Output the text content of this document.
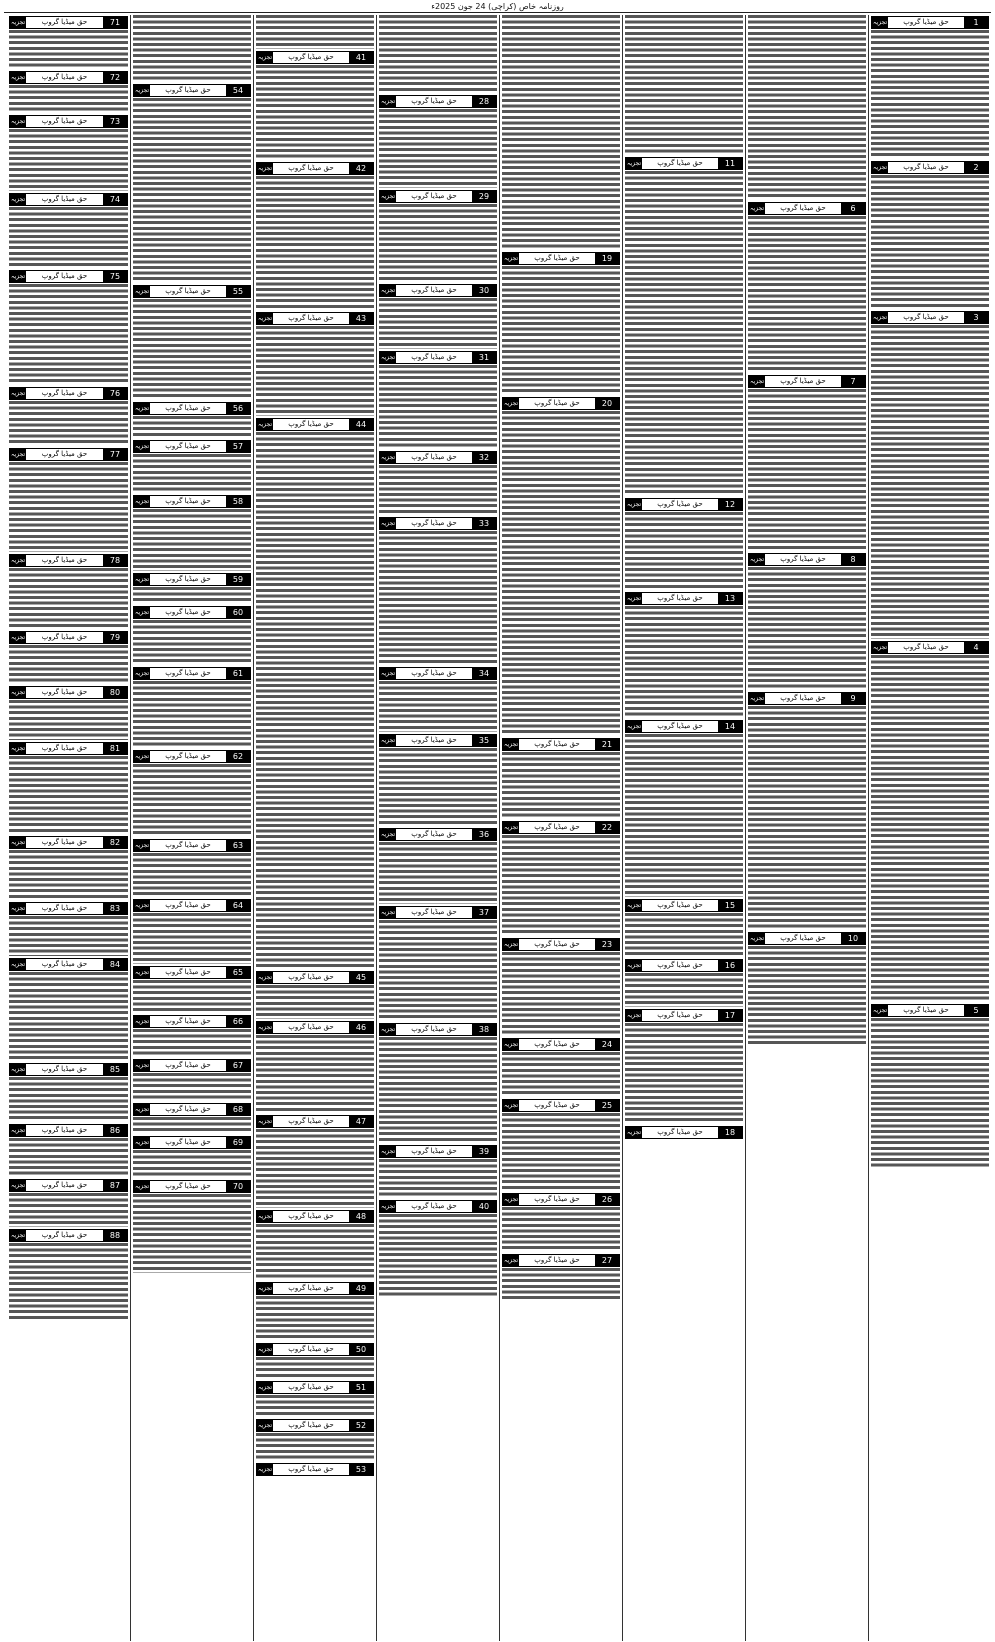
روزنامہ خاص (کراچی) 24 جون 2025ء
1
حق میڈیا گروپ
تجزیہ
2
حق میڈیا گروپ
تجزیہ
3
حق میڈیا گروپ
تجزیہ
4
حق میڈیا گروپ
تجزیہ
5
حق میڈیا گروپ
تجزیہ
6
حق میڈیا گروپ
تجزیہ
7
حق میڈیا گروپ
تجزیہ
8
حق میڈیا گروپ
تجزیہ
9
حق میڈیا گروپ
تجزیہ
10
حق میڈیا گروپ
تجزیہ
11
حق میڈیا گروپ
تجزیہ
12
حق میڈیا گروپ
تجزیہ
13
حق میڈیا گروپ
تجزیہ
14
حق میڈیا گروپ
تجزیہ
15
حق میڈیا گروپ
تجزیہ
16
حق میڈیا گروپ
تجزیہ
17
حق میڈیا گروپ
تجزیہ
18
حق میڈیا گروپ
تجزیہ
19
حق میڈیا گروپ
تجزیہ
20
حق میڈیا گروپ
تجزیہ
21
حق میڈیا گروپ
تجزیہ
22
حق میڈیا گروپ
تجزیہ
23
حق میڈیا گروپ
تجزیہ
24
حق میڈیا گروپ
تجزیہ
25
حق میڈیا گروپ
تجزیہ
26
حق میڈیا گروپ
تجزیہ
27
حق میڈیا گروپ
تجزیہ
28
حق میڈیا گروپ
تجزیہ
29
حق میڈیا گروپ
تجزیہ
30
حق میڈیا گروپ
تجزیہ
31
حق میڈیا گروپ
تجزیہ
32
حق میڈیا گروپ
تجزیہ
33
حق میڈیا گروپ
تجزیہ
34
حق میڈیا گروپ
تجزیہ
35
حق میڈیا گروپ
تجزیہ
36
حق میڈیا گروپ
تجزیہ
37
حق میڈیا گروپ
تجزیہ
38
حق میڈیا گروپ
تجزیہ
39
حق میڈیا گروپ
تجزیہ
40
حق میڈیا گروپ
تجزیہ
41
حق میڈیا گروپ
تجزیہ
42
حق میڈیا گروپ
تجزیہ
43
حق میڈیا گروپ
تجزیہ
44
حق میڈیا گروپ
تجزیہ
45
حق میڈیا گروپ
تجزیہ
46
حق میڈیا گروپ
تجزیہ
47
حق میڈیا گروپ
تجزیہ
48
حق میڈیا گروپ
تجزیہ
49
حق میڈیا گروپ
تجزیہ
50
حق میڈیا گروپ
تجزیہ
51
حق میڈیا گروپ
تجزیہ
52
حق میڈیا گروپ
تجزیہ
53
حق میڈیا گروپ
تجزیہ
54
حق میڈیا گروپ
تجزیہ
55
حق میڈیا گروپ
تجزیہ
56
حق میڈیا گروپ
تجزیہ
57
حق میڈیا گروپ
تجزیہ
58
حق میڈیا گروپ
تجزیہ
59
حق میڈیا گروپ
تجزیہ
60
حق میڈیا گروپ
تجزیہ
61
حق میڈیا گروپ
تجزیہ
62
حق میڈیا گروپ
تجزیہ
63
حق میڈیا گروپ
تجزیہ
64
حق میڈیا گروپ
تجزیہ
65
حق میڈیا گروپ
تجزیہ
66
حق میڈیا گروپ
تجزیہ
67
حق میڈیا گروپ
تجزیہ
68
حق میڈیا گروپ
تجزیہ
69
حق میڈیا گروپ
تجزیہ
70
حق میڈیا گروپ
تجزیہ
71
حق میڈیا گروپ
تجزیہ
72
حق میڈیا گروپ
تجزیہ
73
حق میڈیا گروپ
تجزیہ
74
حق میڈیا گروپ
تجزیہ
75
حق میڈیا گروپ
تجزیہ
76
حق میڈیا گروپ
تجزیہ
77
حق میڈیا گروپ
تجزیہ
78
حق میڈیا گروپ
تجزیہ
79
حق میڈیا گروپ
تجزیہ
80
حق میڈیا گروپ
تجزیہ
81
حق میڈیا گروپ
تجزیہ
82
حق میڈیا گروپ
تجزیہ
83
حق میڈیا گروپ
تجزیہ
84
حق میڈیا گروپ
تجزیہ
85
حق میڈیا گروپ
تجزیہ
86
حق میڈیا گروپ
تجزیہ
87
حق میڈیا گروپ
تجزیہ
88
حق میڈیا گروپ
تجزیہ
